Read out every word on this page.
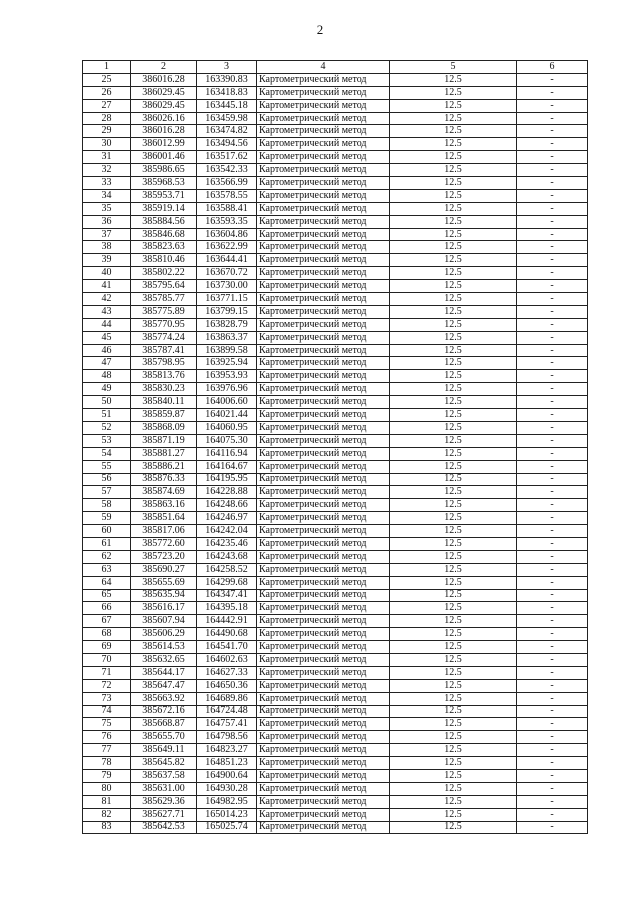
2
1	2	3	4	5	6
25	386016.28	163390.83	Картометрический метод	12.5	-
26	386029.45	163418.83	Картометрический метод	12.5	-
27	386029.45	163445.18	Картометрический метод	12.5	-
28	386026.16	163459.98	Картометрический метод	12.5	-
29	386016.28	163474.82	Картометрический метод	12.5	-
30	386012.99	163494.56	Картометрический метод	12.5	-
31	386001.46	163517.62	Картометрический метод	12.5	-
32	385986.65	163542.33	Картометрический метод	12.5	-
33	385968.53	163566.99	Картометрический метод	12.5	-
34	385953.71	163578.55	Картометрический метод	12.5	-
35	385919.14	163588.41	Картометрический метод	12.5	-
36	385884.56	163593.35	Картометрический метод	12.5	-
37	385846.68	163604.86	Картометрический метод	12.5	-
38	385823.63	163622.99	Картометрический метод	12.5	-
39	385810.46	163644.41	Картометрический метод	12.5	-
40	385802.22	163670.72	Картометрический метод	12.5	-
41	385795.64	163730.00	Картометрический метод	12.5	-
42	385785.77	163771.15	Картометрический метод	12.5	-
43	385775.89	163799.15	Картометрический метод	12.5	-
44	385770.95	163828.79	Картометрический метод	12.5	-
45	385774.24	163863.37	Картометрический метод	12.5	-
46	385787.41	163899.58	Картометрический метод	12.5	-
47	385798.95	163925.94	Картометрический метод	12.5	-
48	385813.76	163953.93	Картометрический метод	12.5	-
49	385830.23	163976.96	Картометрический метод	12.5	-
50	385840.11	164006.60	Картометрический метод	12.5	-
51	385859.87	164021.44	Картометрический метод	12.5	-
52	385868.09	164060.95	Картометрический метод	12.5	-
53	385871.19	164075.30	Картометрический метод	12.5	-
54	385881.27	164116.94	Картометрический метод	12.5	-
55	385886.21	164164.67	Картометрический метод	12.5	-
56	385876.33	164195.95	Картометрический метод	12.5	-
57	385874.69	164228.88	Картометрический метод	12.5	-
58	385863.16	164248.66	Картометрический метод	12.5	-
59	385851.64	164246.97	Картометрический метод	12.5	-
60	385817.06	164242.04	Картометрический метод	12.5	-
61	385772.60	164235.46	Картометрический метод	12.5	-
62	385723.20	164243.68	Картометрический метод	12.5	-
63	385690.27	164258.52	Картометрический метод	12.5	-
64	385655.69	164299.68	Картометрический метод	12.5	-
65	385635.94	164347.41	Картометрический метод	12.5	-
66	385616.17	164395.18	Картометрический метод	12.5	-
67	385607.94	164442.91	Картометрический метод	12.5	-
68	385606.29	164490.68	Картометрический метод	12.5	-
69	385614.53	164541.70	Картометрический метод	12.5	-
70	385632.65	164602.63	Картометрический метод	12.5	-
71	385644.17	164627.33	Картометрический метод	12.5	-
72	385647.47	164650.36	Картометрический метод	12.5	-
73	385663.92	164689.86	Картометрический метод	12.5	-
74	385672.16	164724.48	Картометрический метод	12.5	-
75	385668.87	164757.41	Картометрический метод	12.5	-
76	385655.70	164798.56	Картометрический метод	12.5	-
77	385649.11	164823.27	Картометрический метод	12.5	-
78	385645.82	164851.23	Картометрический метод	12.5	-
79	385637.58	164900.64	Картометрический метод	12.5	-
80	385631.00	164930.28	Картометрический метод	12.5	-
81	385629.36	164982.95	Картометрический метод	12.5	-
82	385627.71	165014.23	Картометрический метод	12.5	-
83	385642.53	165025.74	Картометрический метод	12.5	-
